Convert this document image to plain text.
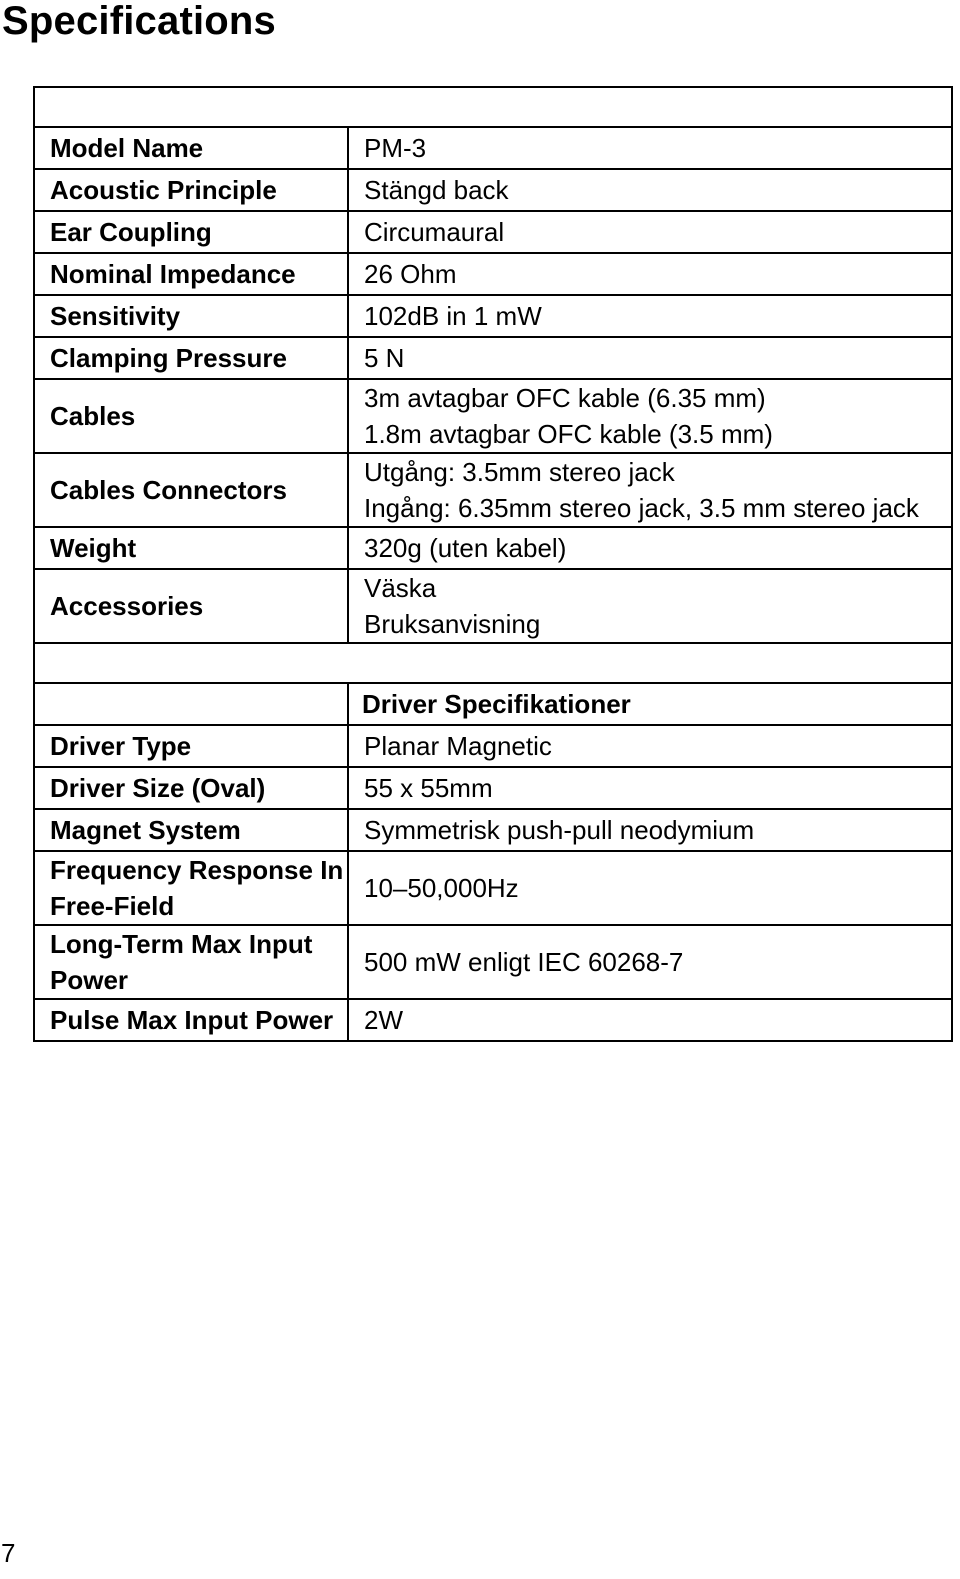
Specifications

Model Name	PM-3
Acoustic Principle	Stängd back
Ear Coupling	Circumaural
Nominal Impedance	26 Ohm
Sensitivity	102dB in 1 mW
Clamping Pressure	5 N
Cables	3m avtagbar OFC kable (6.35 mm)
1.8m avtagbar OFC kable (3.5 mm)

Cables Connectors	Utgång: 3.5mm stereo jack
Ingång: 6.35mm stereo jack, 3.5 mm stereo jack

Weight	320g (uten kabel)
Accessories	Väska
Bruksanvisning

	Driver Specifikationer
Driver Type	Planar Magnetic
Driver Size (Oval)	55 x 55mm
Magnet System	Symmetrisk push-pull neodymium
Frequency Response In Free-Field	10–50,000Hz
Long-Term Max Input Power	500 mW enligt IEC 60268-7
Pulse Max Input Power	2W
7
